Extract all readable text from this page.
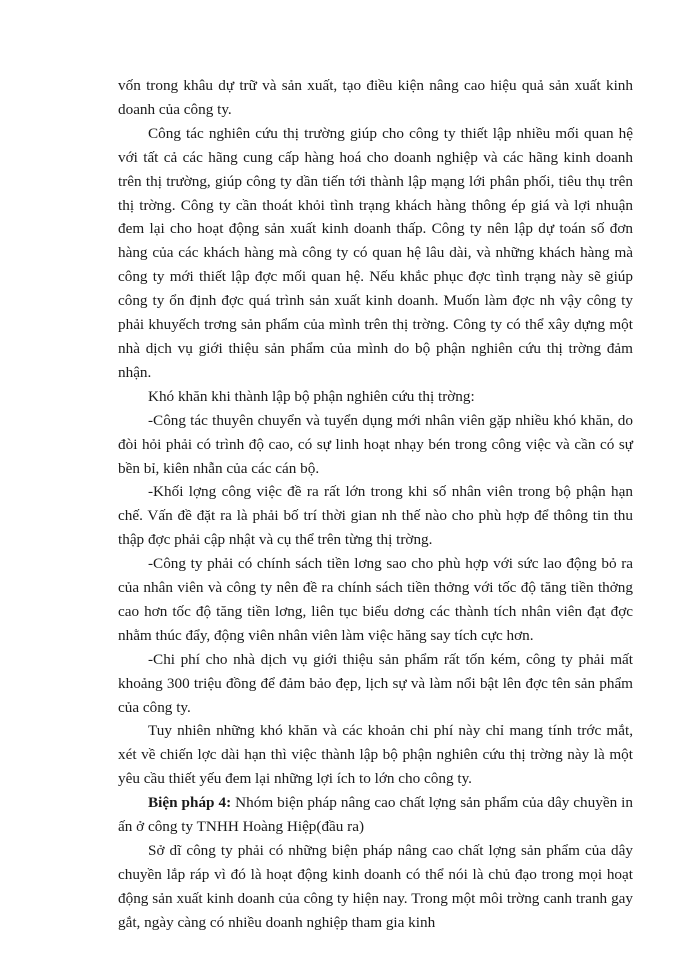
vốn trong khâu dự trữ và sản xuất, tạo điều kiện nâng cao hiệu quả sản xuất kinh doanh của công ty.

Công tác nghiên cứu thị trường giúp cho công ty thiết lập nhiều mối quan hệ với tất cả các hãng cung cấp hàng hoá cho doanh nghiệp và các hãng kinh doanh trên thị trường, giúp công ty dần tiến tới thành lập mạng lới phân phối, tiêu thụ trên thị trờng. Công ty cần thoát khỏi tình trạng khách hàng thông ép giá và lợi nhuận đem lại cho hoạt động sản xuất kinh doanh thấp. Công ty nên lập dự toán số đơn hàng của các khách hàng mà công ty có quan hệ lâu dài, và những khách hàng mà công ty mới thiết lập đợc mối quan hệ. Nếu khắc phục đợc tình trạng này sẽ giúp công ty ổn định đợc quá trình sản xuất kinh doanh. Muốn làm đợc nh vậy công ty phải khuyếch trơng sản phẩm của mình trên thị trờng. Công ty có thể xây dựng một nhà dịch vụ giới thiệu sản phẩm của mình do bộ phận nghiên cứu thị trờng đảm nhận.

Khó khăn khi thành lập bộ phận nghiên cứu thị trờng:

-Công tác thuyên chuyển và tuyển dụng mới nhân viên gặp nhiều khó khăn, do đòi hỏi phải có trình độ cao, có sự linh hoạt nhạy bén trong công việc và cần có sự bền bỉ, kiên nhẫn của các cán bộ.

-Khối lợng công việc đề ra rất lớn trong khi số nhân viên trong bộ phận hạn chế. Vấn đề đặt ra là phải bố trí thời gian nh thế nào cho phù hợp để thông tin thu thập đợc phải cập nhật và cụ thể trên từng thị trờng.

-Công ty phải có chính sách tiền lơng sao cho phù hợp với sức lao động bỏ ra của nhân viên và công ty nên đề ra chính sách tiền thởng với tốc độ tăng tiền thởng cao hơn tốc độ tăng tiền lơng, liên tục biểu dơng các thành tích nhân viên đạt đợc nhằm thúc đẩy, động viên nhân viên làm việc hăng say tích cực hơn.

-Chi phí cho nhà dịch vụ giới thiệu sản phẩm rất tốn kém, công ty phải mất khoảng 300 triệu đồng để đảm bảo đẹp, lịch sự và làm nổi bật lên đợc tên sản phẩm của công ty.

Tuy nhiên những khó khăn và các khoản chi phí này chỉ mang tính trớc mắt, xét về chiến lợc dài hạn thì việc thành lập bộ phận nghiên cứu thị trờng này là một yêu cầu thiết yếu đem lại những lợi ích to lớn cho công ty.

Biện pháp 4: Nhóm biện pháp nâng cao chất lợng sản phẩm của dây chuyền in ấn ở công ty TNHH Hoàng Hiệp(đầu ra)

Sở dĩ công ty phải có những biện pháp nâng cao chất lợng sản phẩm của dây chuyền lắp ráp vì đó là hoạt động kinh doanh có thể nói là chủ đạo trong mọi hoạt động sản xuất kinh doanh của công ty hiện nay. Trong một môi trờng canh tranh gay gắt, ngày càng có nhiều doanh nghiệp tham gia kinh
